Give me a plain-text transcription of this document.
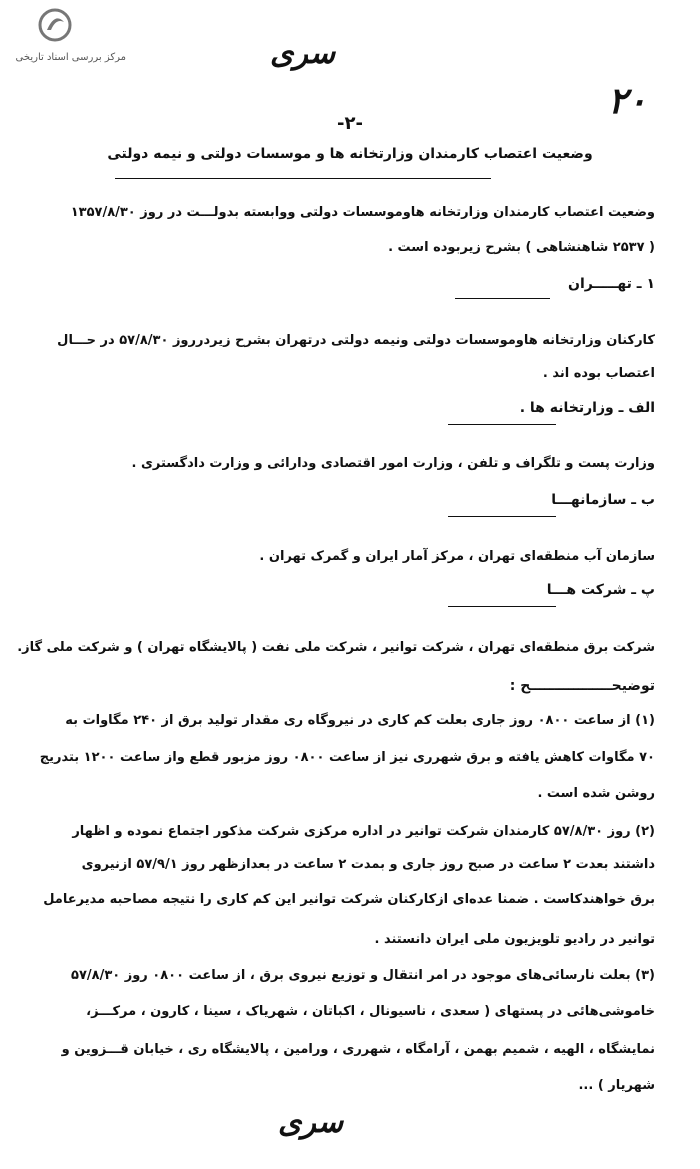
مرکز بررسی اسناد تاریخی	سری
۲۰
-۲-
وضعیت اعتصاب کارمندان وزارتخانه ها و موسسات دولتی و نیمه دولتی
وضعیت اعتصاب کارمندان وزارتخانه هاوموسسات دولتی ووابسته بدولـــت در روز ۱۳۵۷/۸/۳۰
( ۲۵۳۷ شاهنشاهی ) بشرح زیربوده است .
۱ ـ تهـــــران
کارکنان وزارتخانه هاوموسسات دولتی ونیمه دولتی درتهران بشرح زیردرروز ۵۷/۸/۳۰ در حـــال
اعتصاب بوده اند .
الف ـ وزارتخانه ها .
وزارت پست و تلگراف و تلفن ، وزارت امور اقتصادی ودارائی و وزارت دادگستری .
ب ـ سازمانهـــا
سازمان آب منطقه‌ای تهران ، مرکز آمار ایران و گمرک تهران .
پ ـ شرکت هـــا
شرکت برق منطقه‌ای تهران ، شرکت توانیر ، شرکت ملی نفت ( پالایشگاه تهران ) و شرکت ملی گاز.
توضیحـــــــــــــــــح :
(۱) از ساعت ۰۸۰۰ روز جاری بعلت کم کاری در نیروگاه ری مقدار تولید برق از ۲۴۰ مگاوات به
۷۰ مگاوات کاهش یافته و برق شهرری نیز از ساعت ۰۸۰۰ روز مزبور قطع واز ساعت ۱۲۰۰ بتدریج
روشن شده است .
(۲) روز ۵۷/۸/۳۰ کارمندان شرکت توانیر در اداره مرکزی شرکت مذکور اجتماع نموده و اظهار
داشتند بعدت ۲ ساعت در صبح روز جاری و بمدت ۲ ساعت در بعدازظهر روز ۵۷/۹/۱ ازنیروی
برق خواهندکاست . ضمنا عده‌ای ازکارکنان شرکت توانیر این کم کاری را نتیجه مصاحبه مدیرعامل
توانیر در رادیو تلویزیون ملی ایران دانستند .
(۳) بعلت نارسائی‌های موجود در امر انتقال و توزیع نیروی برق ، از ساعت ۰۸۰۰ روز ۵۷/۸/۳۰
خاموشی‌هائی در پستهای ( سعدی ، ناسیونال ، اکباتان ، شهریاک ، سینا ، کارون ، مرکـــز،
نمایشگاه ، الهیه ، شمیم بهمن ، آرامگاه ، شهرری ، ورامین ، پالایشگاه ری ، خیابان قـــزوین و
شهریار ) ...
سری
